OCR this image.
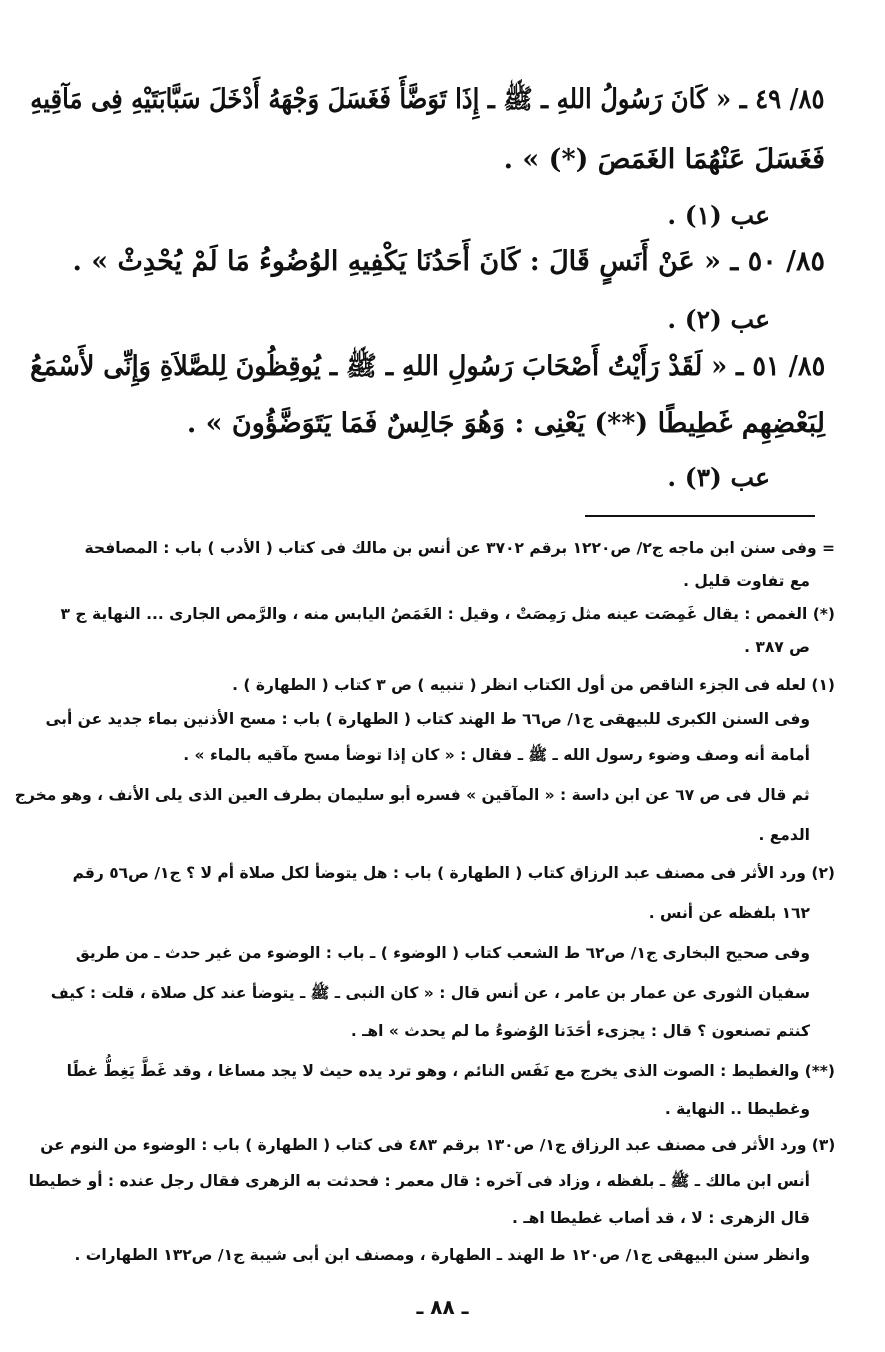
٨٥/ ٤٩ ـ « كَانَ رَسُولُ اللهِ ـ ﷺ ـ إِذَا تَوَضَّأَ فَغَسَلَ وَجْهَهُ أَدْخَلَ سَبَّابَتَيْهِ فِى مَآقِيهِ
فَغَسَلَ عَنْهُمَا الغَمَصَ (*) » .
عب (١) .
٨٥/ ٥٠ ـ « عَنْ أَنَسٍ قَالَ : كَانَ أَحَدُنَا يَكْفِيهِ الوُضُوءُ مَا لَمْ يُحْدِثْ » .
عب (٢) .
٨٥/ ٥١ ـ « لَقَدْ رَأَيْتُ أَصْحَابَ رَسُولِ اللهِ ـ ﷺ ـ يُوقِظُونَ لِلصَّلاَةِ وَإِنِّى لأَسْمَعُ
لِبَعْضِهِم غَطِيطًا (**) يَعْنِى : وَهُوَ جَالِسٌ فَمَا يَتَوَضَّؤُونَ » .
عب (٣) .
= وفى سنن ابن ماجه ج٢/ ص١٢٢٠ برقم ٣٧٠٢ عن أنس بن مالك فى كتاب ( الأدب ) باب : المصافحة
مع تفاوت قليل .
(*) الغمص : يقال غَمِصَت عينه مثل رَمِصَتْ ، وقيل : الغَمَصُ اليابس منه ، والرَّمص الجارى ... النهاية ج ٣
ص ٣٨٧ .
(١) لعله فى الجزء الناقص من أول الكتاب انظر ( تنبيه ) ص ٣ كتاب ( الطهارة ) .
وفى السنن الكبرى للبيهقى ج١/ ص٦٦ ط الهند كتاب ( الطهارة ) باب : مسح الأذنين بماء جديد عن أبى
أمامة أنه وصف وضوء رسول الله ـ ﷺ ـ فقال : « كان إذا توضأ مسح مآقيه بالماء » .
ثم قال فى ص ٦٧ عن ابن داسة : « المآقين » فسره أبو سليمان بطرف العين الذى يلى الأنف ، وهو مخرج
الدمع .
(٢) ورد الأثر فى مصنف عبد الرزاق كتاب ( الطهارة ) باب : هل يتوضأ لكل صلاة أم لا ؟ ج١/ ص٥٦ رقم
١٦٢ بلفظه عن أنس .
وفى صحيح البخارى ج١/ ص٦٢ ط الشعب كتاب ( الوضوء ) ـ باب : الوضوء من غير حدث ـ من طريق
سفيان الثورى عن عمار بن عامر ، عن أنس قال : « كان النبى ـ ﷺ ـ يتوضأ عند كل صلاة ، قلت : كيف
كنتم تصنعون ؟ قال : يجزىء أحَدَنا الوُضوءُ ما لم يحدث » اهـ .
(**) والغطيط : الصوت الذى يخرج مع نَفَس النائم ، وهو ترد يده حيث لا يجد مساغا ، وقد غَطَّ يَغِطُّ غطًا
وغطيطا .. النهاية .
(٣) ورد الأثر فى مصنف عبد الرزاق ج١/ ص١٣٠ برقم ٤٨٣ فى كتاب ( الطهارة ) باب : الوضوء من النوم عن
أنس ابن مالك ـ ﷺ ـ بلفظه ، وزاد فى آخره : قال معمر : فحدثت به الزهرى فقال رجل عنده : أو خطيطا
قال الزهرى : لا ، قد أصاب غطيطا اهـ .
وانظر سنن البيهقى ج١/ ص١٢٠ ط الهند ـ الطهارة ، ومصنف ابن أبى شيبة ج١/ ص١٣٢ الطهارات .
ـ ٨٨ ـ
